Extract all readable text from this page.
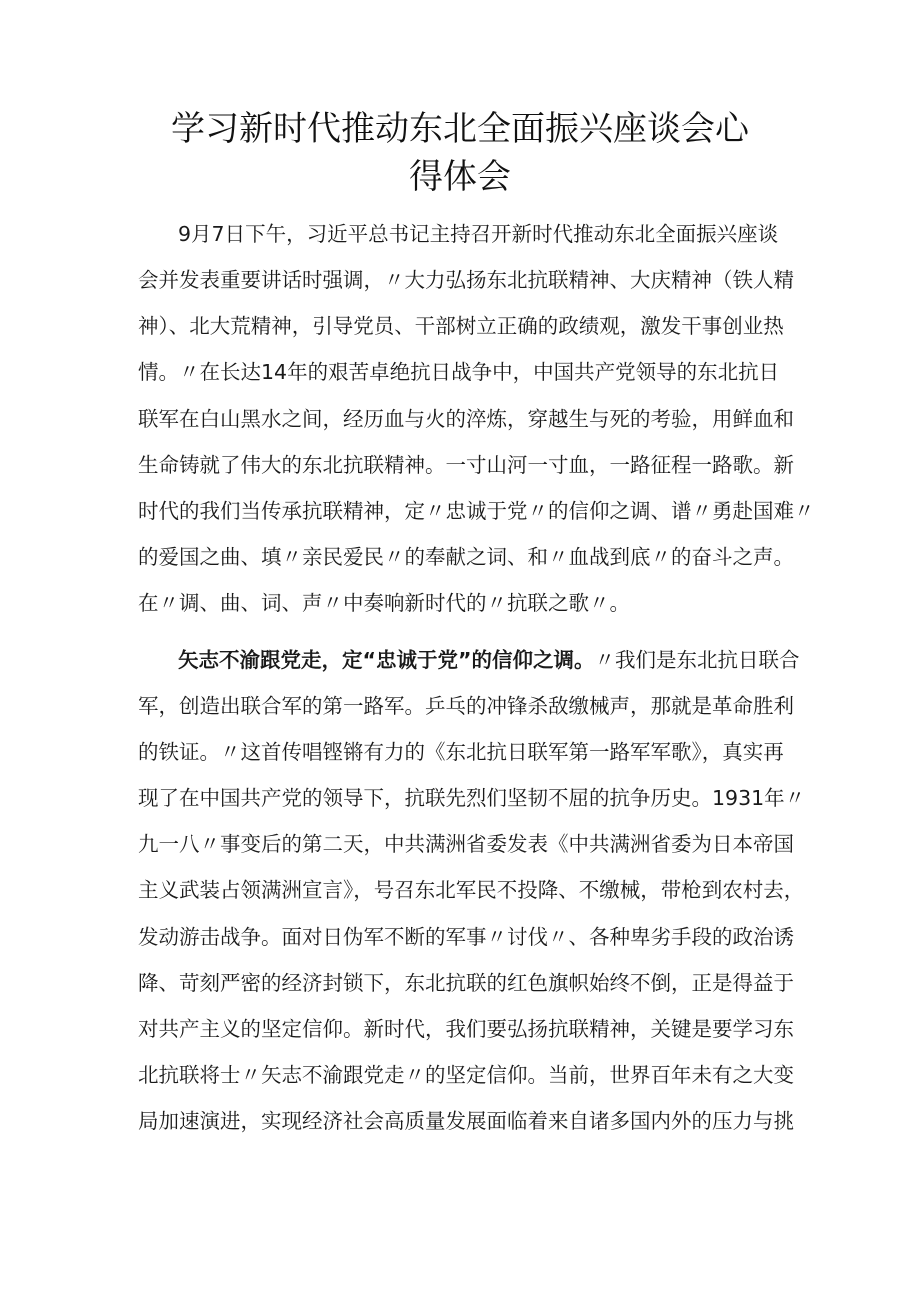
学习新时代推动东北全面振兴座谈会心
得体会
9月7日下午，习近平总书记主持召开新时代推动东北全面振兴座谈
会并发表重要讲话时强调，〃大力弘扬东北抗联精神、大庆精神（铁人精
神）、北大荒精神，引导党员、干部树立正确的政绩观，激发干事创业热
情。〃在长达14年的艰苦卓绝抗日战争中，中国共产党领导的东北抗日
联军在白山黑水之间，经历血与火的淬炼，穿越生与死的考验，用鲜血和
生命铸就了伟大的东北抗联精神。一寸山河一寸血，一路征程一路歌。新
时代的我们当传承抗联精神，定〃忠诚于党〃的信仰之调、谱〃勇赴国难〃
的爱国之曲、填〃亲民爱民〃的奉献之词、和〃血战到底〃的奋斗之声。
在〃调、曲、词、声〃中奏响新时代的〃抗联之歌〃。
矢志不渝跟党走，定“忠诚于党”的信仰之调。〃我们是东北抗日联合
军，创造出联合军的第一路军。乒乓的冲锋杀敌缴械声，那就是革命胜利
的铁证。〃这首传唱铿锵有力的《东北抗日联军第一路军军歌》，真实再
现了在中国共产党的领导下，抗联先烈们坚韧不屈的抗争历史。1931年〃
九一八〃事变后的第二天，中共满洲省委发表《中共满洲省委为日本帝国
主义武装占领满洲宣言》，号召东北军民不投降、不缴械，带枪到农村去，
发动游击战争。面对日伪军不断的军事〃讨伐〃、各种卑劣手段的政治诱
降、苛刻严密的经济封锁下，东北抗联的红色旗帜始终不倒，正是得益于
对共产主义的坚定信仰。新时代，我们要弘扬抗联精神，关键是要学习东
北抗联将士〃矢志不渝跟党走〃的坚定信仰。当前，世界百年未有之大变
局加速演进，实现经济社会高质量发展面临着来自诸多国内外的压力与挑
